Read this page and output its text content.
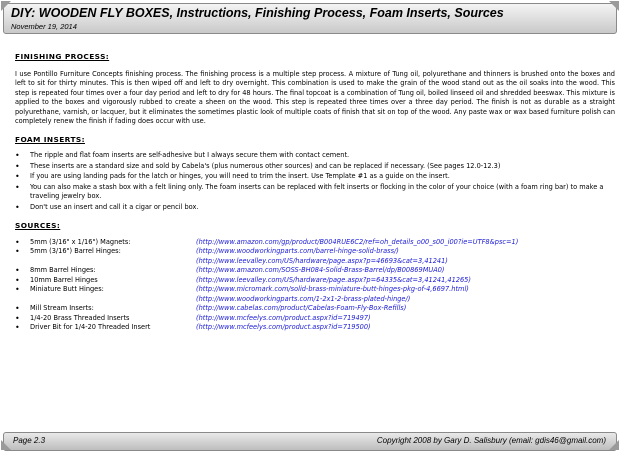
DIY: WOODEN FLY BOXES, Instructions, Finishing Process, Foam Inserts, Sources
November 19, 2014

FINISHING PROCESS:

I use Pontillo Furniture Concepts finishing process. The finishing process is a multiple step process. A mixture of Tung oil, polyurethane and thinners is brushed onto the boxes and left to sit for thirty minutes. This is then wiped off and left to dry overnight. This combination is used to make the grain of the wood stand out as the oil soaks into the wood. This step is repeated four times over a four day period and left to dry for 48 hours. The final topcoat is a combination of Tung oil, boiled linseed oil and shredded beeswax. This mixture is applied to the boxes and vigorously rubbed to create a sheen on the wood. This step is repeated three times over a three day period. The finish is not as durable as a straight polyurethane, varnish, or lacquer, but it eliminates the sometimes plastic look of multiple coats of finish that sit on top of the wood. Any paste wax or wax based furniture polish can completely renew the finish if fading does occur with use.

FOAM INSERTS:

• The ripple and flat foam inserts are self-adhesive but I always secure them with contact cement.
• These inserts are a standard size and sold by Cabela's (plus numerous other sources) and can be replaced if necessary. (See pages 12.0-12.3)
• If you are using landing pads for the latch or hinges, you will need to trim the insert. Use Template #1 as a guide on the insert.
• You can also make a stash box with a felt lining only. The foam inserts can be replaced with felt inserts or flocking in the color of your choice (with a foam ring bar) to make a traveling jewelry box.
• Don't use an insert and call it a cigar or pencil box.

SOURCES:

• 5mm (3/16" x 1/16") Magnets:	(http://www.amazon.com/gp/product/B004RUE6C2/ref=oh_details_o00_s00_i00?ie=UTF8&psc=1)
• 5mm (3/16") Barrel Hinges:	(http://www.woodworkingparts.com/barrel-hinge-solid-brass/)
(http://www.leevalley.com/US/hardware/page.aspx?p=46693&cat=3,41241)
• 8mm Barrel Hinges:	(http://www.amazon.com/SOSS-BH084-Solid-Brass-Barrel/dp/B00869MUA0)
• 10mm Barrel Hinges	(http://www.leevalley.com/US/hardware/page.aspx?p=64335&cat=3,41241,41265)
• Miniature Butt Hinges:	(http://www.micromark.com/solid-brass-miniature-butt-hinges-pkg-of-4,6697.html)
(http://www.woodworkingparts.com/1-2x1-2-brass-plated-hinge/)
• Mill Stream Inserts:	(http://www.cabelas.com/product/Cabelas-Foam-Fly-Box-Refills)
• 1/4-20 Brass Threaded Inserts	(http://www.mcfeelys.com/product.aspx?id=719497)
• Driver Bit for 1/4-20 Threaded Insert	(http://www.mcfeelys.com/product.aspx?id=719500)
Page 2.3	Copyright 2008 by Gary D. Salisbury (email: gdis46@gmail.com)
